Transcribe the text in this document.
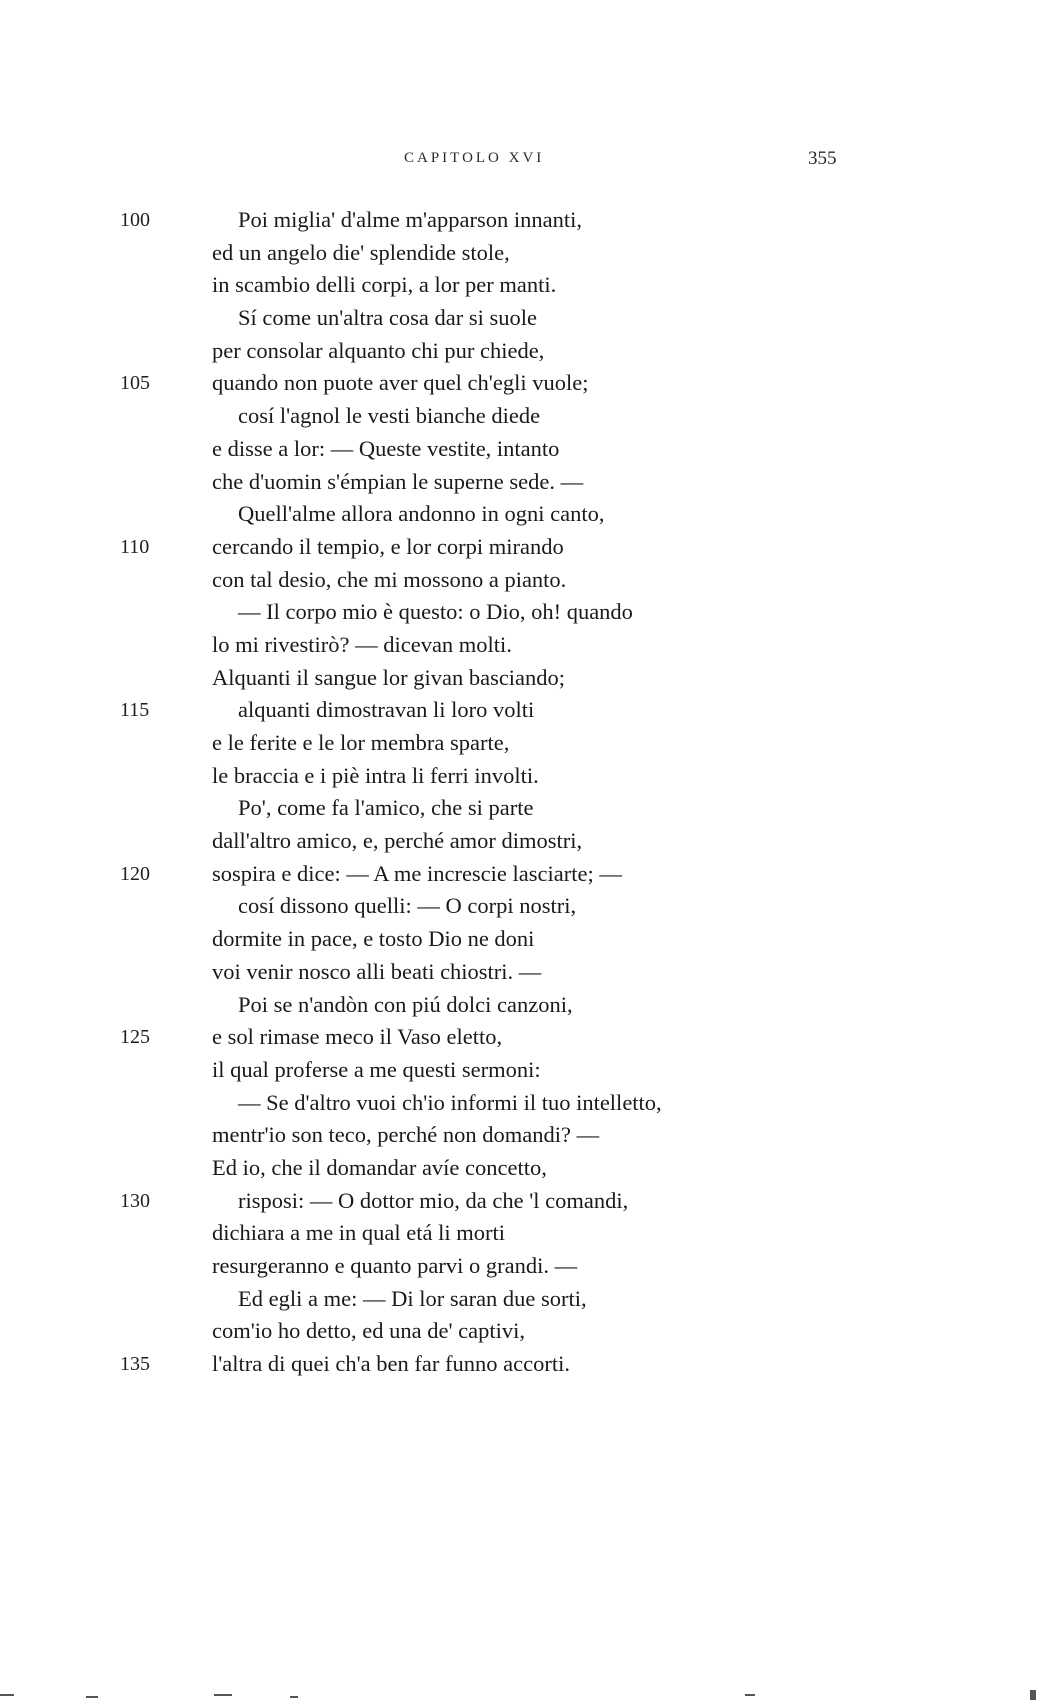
CAPITOLO XVI	355
100	Poi miglia' d'alme m'apparson innanti,
ed un angelo die' splendide stole,
in scambio delli corpi, a lor per manti.
Sí come un'altra cosa dar si suole
per consolar alquanto chi pur chiede,
105	quando non puote aver quel ch'egli vuole;
cosí l'agnol le vesti bianche diede
e disse a lor: — Queste vestite, intanto
che d'uomin s'émpian le superne sede. —
Quell'alme allora andonno in ogni canto,
110	cercando il tempio, e lor corpi mirando
con tal desio, che mi mossono a pianto.
— Il corpo mio è questo: o Dio, oh! quando
lo mi rivestirò? — dicevan molti.
Alquanti il sangue lor givan basciando;
115	alquanti dimostravan li loro volti
e le ferite e le lor membra sparte,
le braccia e i piè intra li ferri involti.
Po', come fa l'amico, che si parte
dall'altro amico, e, perché amor dimostri,
120	sospira e dice: — A me increscie lasciarte; —
cosí dissono quelli: — O corpi nostri,
dormite in pace, e tosto Dio ne doni
voi venir nosco alli beati chiostri. —
Poi se n'andòn con piú dolci canzoni,
125	e sol rimase meco il Vaso eletto,
il qual proferse a me questi sermoni:
— Se d'altro vuoi ch'io informi il tuo intelletto,
mentr'io son teco, perché non domandi? —
Ed io, che il domandar avíe concetto,
130	risposi: — O dottor mio, da che 'l comandi,
dichiara a me in qual etá li morti
resurgeranno e quanto parvi o grandi. —
Ed egli a me: — Di lor saran due sorti,
com'io ho detto, ed una de' captivi,
135	l'altra di quei ch'a ben far funno accorti.
